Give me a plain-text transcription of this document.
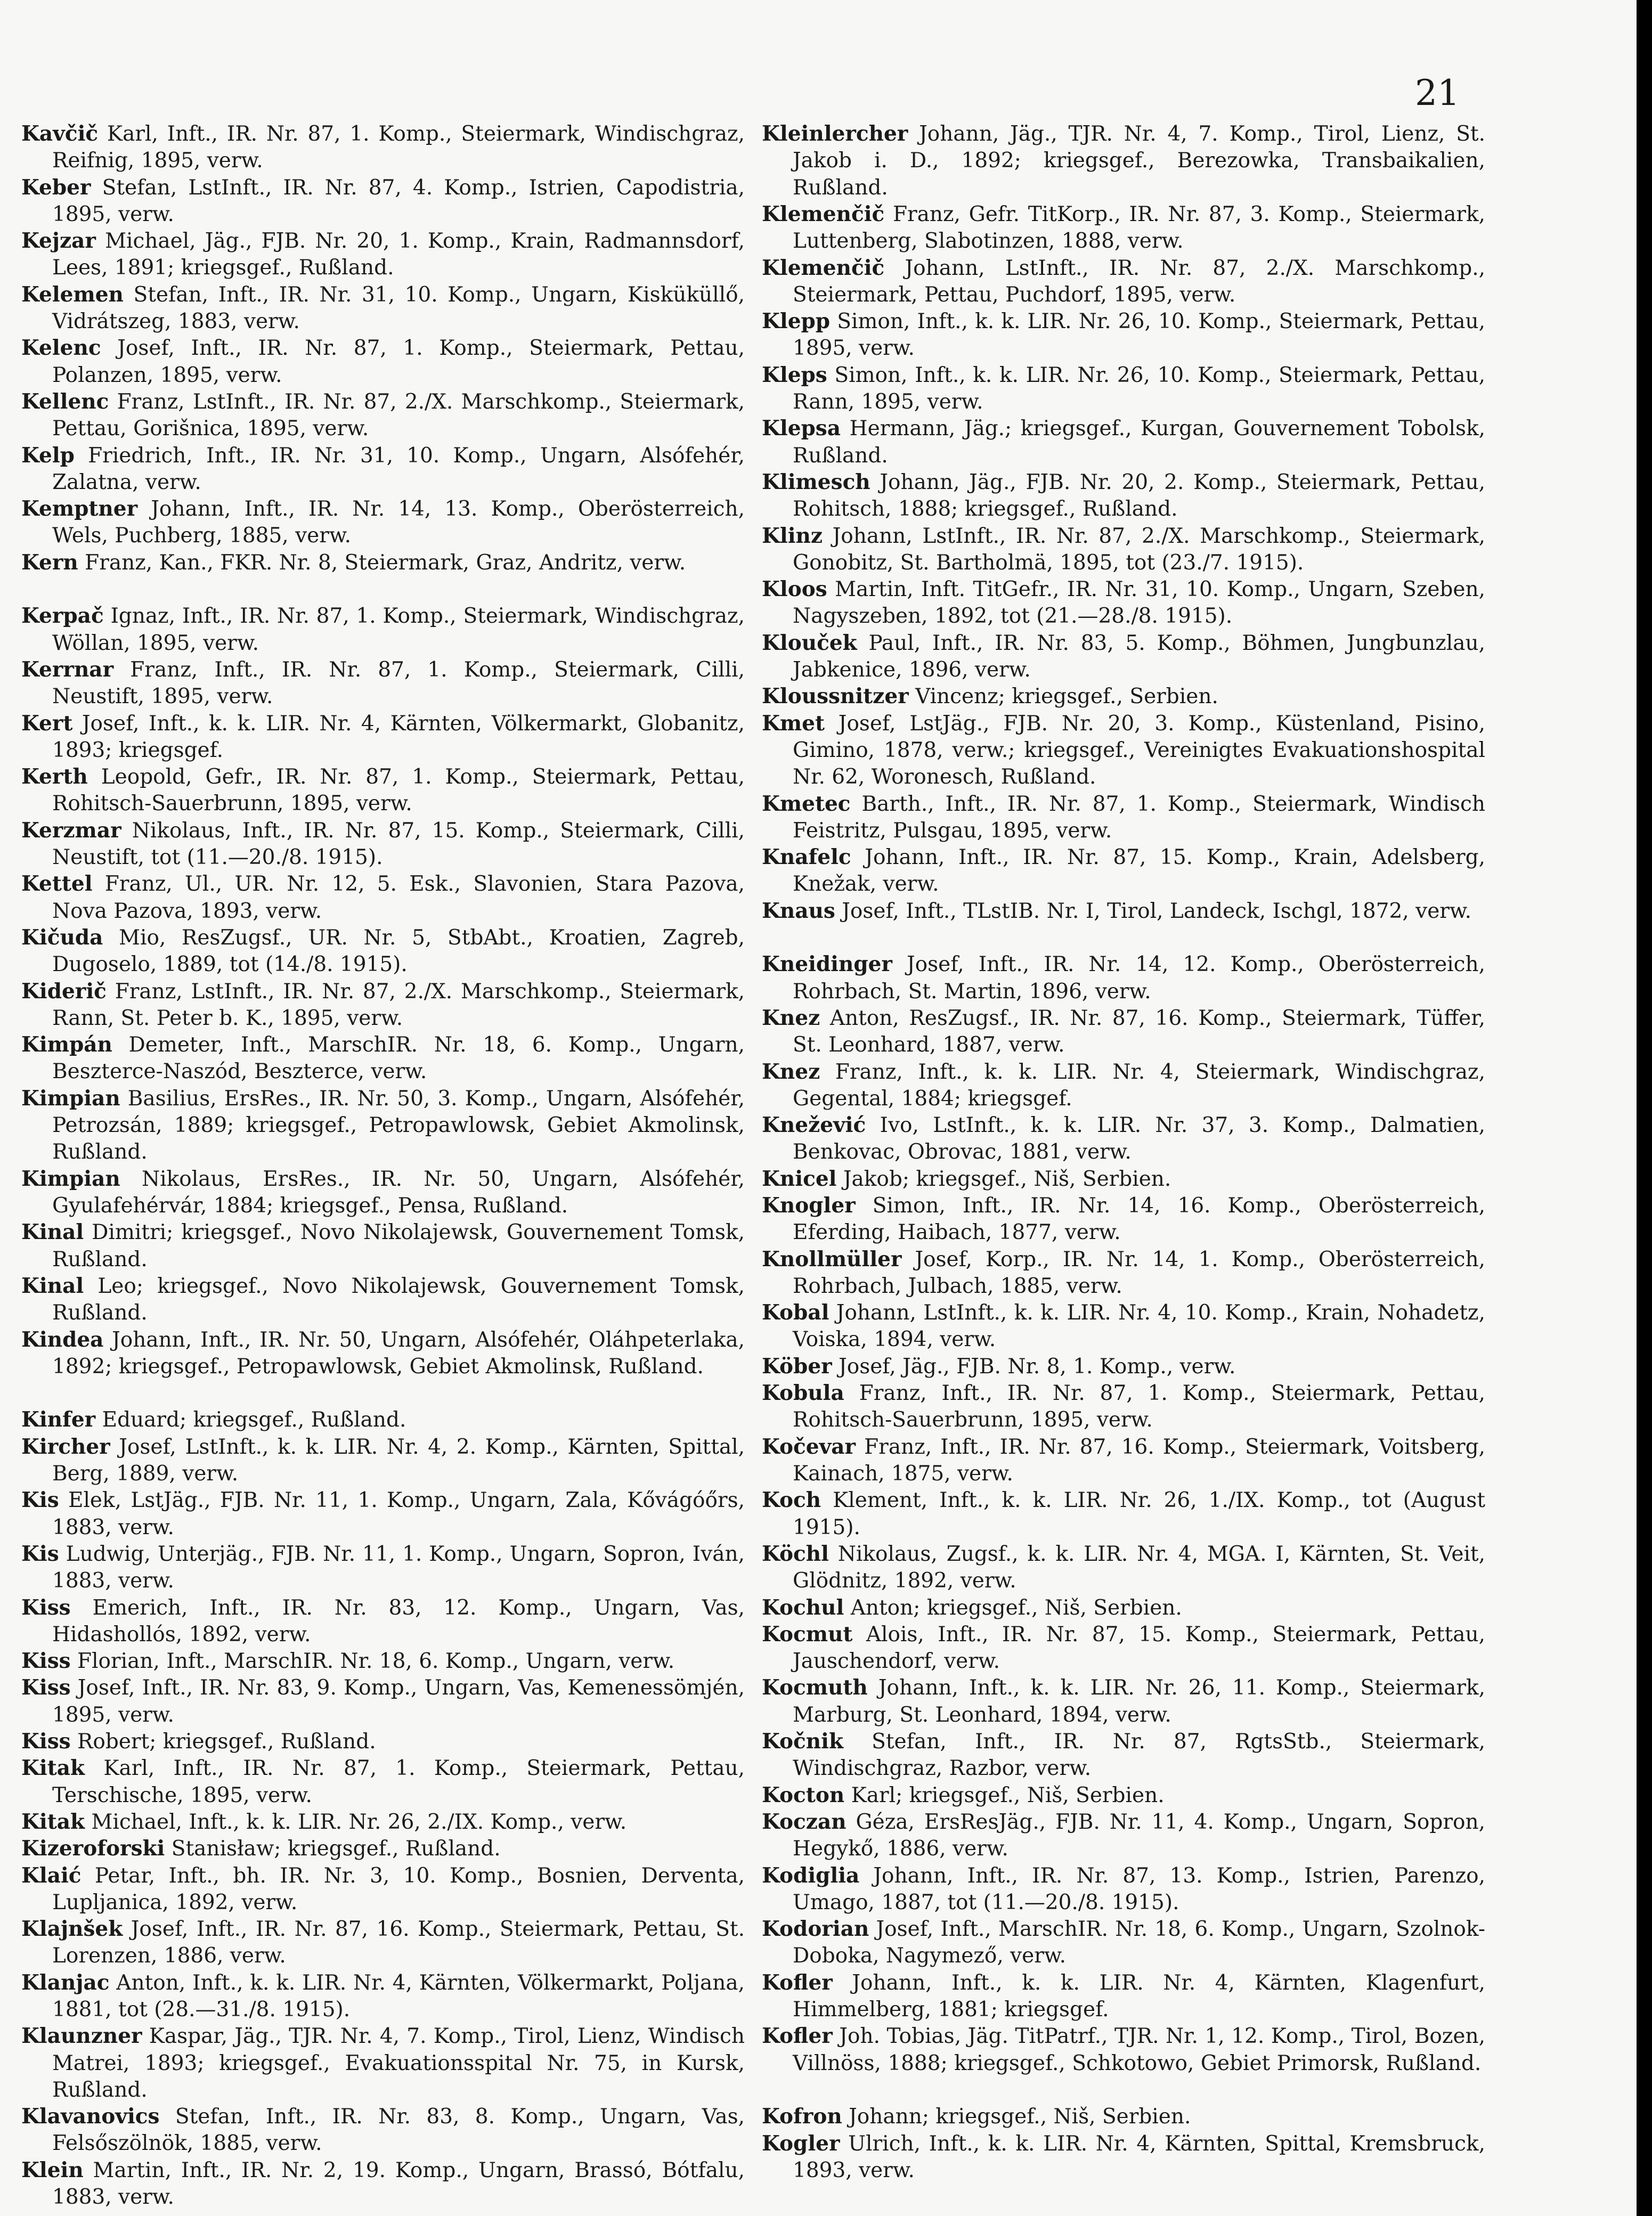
21
Kavčič Karl, Inft., IR. Nr. 87, 1. Komp., Steiermark, Windischgraz, Reifnig, 1895, verw.
Keber Stefan, LstInft., IR. Nr. 87, 4. Komp., Istrien, Capodistria, 1895, verw.
Kejzar Michael, Jäg., FJB. Nr. 20, 1. Komp., Krain, Radmannsdorf, Lees, 1891; kriegsgef., Rußland.
Kelemen Stefan, Inft., IR. Nr. 31, 10. Komp., Ungarn, Kisküküllő, Vidrátszeg, 1883, verw.
Kelenc Josef, Inft., IR. Nr. 87, 1. Komp., Steiermark, Pettau, Polanzen, 1895, verw.
Kellenc Franz, LstInft., IR. Nr. 87, 2./X. Marschkomp., Steiermark, Pettau, Gorišnica, 1895, verw.
Kelp Friedrich, Inft., IR. Nr. 31, 10. Komp., Ungarn, Alsófehér, Zalatna, verw.
Kemptner Johann, Inft., IR. Nr. 14, 13. Komp., Oberösterreich, Wels, Puchberg, 1885, verw.
Kern Franz, Kan., FKR. Nr. 8, Steiermark, Graz, Andritz, verw.
Kerpač Ignaz, Inft., IR. Nr. 87, 1. Komp., Steiermark, Windischgraz, Wöllan, 1895, verw.
Kerrnar Franz, Inft., IR. Nr. 87, 1. Komp., Steiermark, Cilli, Neustift, 1895, verw.
Kert Josef, Inft., k. k. LIR. Nr. 4, Kärnten, Völkermarkt, Globanitz, 1893; kriegsgef.
Kerth Leopold, Gefr., IR. Nr. 87, 1. Komp., Steiermark, Pettau, Rohitsch-Sauerbrunn, 1895, verw.
Kerzmar Nikolaus, Inft., IR. Nr. 87, 15. Komp., Steiermark, Cilli, Neustift, tot (11.—20./8. 1915).
Kettel Franz, Ul., UR. Nr. 12, 5. Esk., Slavonien, Stara Pazova, Nova Pazova, 1893, verw.
Kičuda Mio, ResZugsf., UR. Nr. 5, StbAbt., Kroatien, Zagreb, Dugoselo, 1889, tot (14./8. 1915).
Kiderič Franz, LstInft., IR. Nr. 87, 2./X. Marschkomp., Steiermark, Rann, St. Peter b. K., 1895, verw.
Kimpán Demeter, Inft., MarschIR. Nr. 18, 6. Komp., Ungarn, Beszterce-Naszód, Beszterce, verw.
Kimpian Basilius, ErsRes., IR. Nr. 50, 3. Komp., Ungarn, Alsófehér, Petrozsán, 1889; kriegsgef., Petropawlowsk, Gebiet Akmolinsk, Rußland.
Kimpian Nikolaus, ErsRes., IR. Nr. 50, Ungarn, Alsófehér, Gyulafehérvár, 1884; kriegsgef., Pensa, Rußland.
Kinal Dimitri; kriegsgef., Novo Nikolajewsk, Gouvernement Tomsk, Rußland.
Kinal Leo; kriegsgef., Novo Nikolajewsk, Gouvernement Tomsk, Rußland.
Kindea Johann, Inft., IR. Nr. 50, Ungarn, Alsófehér, Oláhpeterlaka, 1892; kriegsgef., Petropawlowsk, Gebiet Akmolinsk, Rußland.
Kinfer Eduard; kriegsgef., Rußland.
Kircher Josef, LstInft., k. k. LIR. Nr. 4, 2. Komp., Kärnten, Spittal, Berg, 1889, verw.
Kis Elek, LstJäg., FJB. Nr. 11, 1. Komp., Ungarn, Zala, Kővágóőrs, 1883, verw.
Kis Ludwig, Unterjäg., FJB. Nr. 11, 1. Komp., Ungarn, Sopron, Iván, 1883, verw.
Kiss Emerich, Inft., IR. Nr. 83, 12. Komp., Ungarn, Vas, Hidashollós, 1892, verw.
Kiss Florian, Inft., MarschIR. Nr. 18, 6. Komp., Ungarn, verw.
Kiss Josef, Inft., IR. Nr. 83, 9. Komp., Ungarn, Vas, Kemenessömjén, 1895, verw.
Kiss Robert; kriegsgef., Rußland.
Kitak Karl, Inft., IR. Nr. 87, 1. Komp., Steiermark, Pettau, Terschische, 1895, verw.
Kitak Michael, Inft., k. k. LIR. Nr. 26, 2./IX. Komp., verw.
Kizeroforski Stanisław; kriegsgef., Rußland.
Klaić Petar, Inft., bh. IR. Nr. 3, 10. Komp., Bosnien, Derventa, Lupljanica, 1892, verw.
Klajnšek Josef, Inft., IR. Nr. 87, 16. Komp., Steiermark, Pettau, St. Lorenzen, 1886, verw.
Klanjac Anton, Inft., k. k. LIR. Nr. 4, Kärnten, Völkermarkt, Poljana, 1881, tot (28.—31./8. 1915).
Klaunzner Kaspar, Jäg., TJR. Nr. 4, 7. Komp., Tirol, Lienz, Windisch Matrei, 1893; kriegsgef., Evakuationsspital Nr. 75, in Kursk, Rußland.
Klavanovics Stefan, Inft., IR. Nr. 83, 8. Komp., Ungarn, Vas, Felsőszölnök, 1885, verw.
Klein Martin, Inft., IR. Nr. 2, 19. Komp., Ungarn, Brassó, Bótfalu, 1883, verw.
Kleinlercher Johann, Jäg., TJR. Nr. 4, 7. Komp., Tirol, Lienz, St. Jakob i. D., 1892; kriegsgef., Berezowka, Transbaikalien, Rußland.
Klemenčič Franz, Gefr. TitKorp., IR. Nr. 87, 3. Komp., Steiermark, Luttenberg, Slabotinzen, 1888, verw.
Klemenčič Johann, LstInft., IR. Nr. 87, 2./X. Marschkomp., Steiermark, Pettau, Puchdorf, 1895, verw.
Klepp Simon, Inft., k. k. LIR. Nr. 26, 10. Komp., Steiermark, Pettau, 1895, verw.
Kleps Simon, Inft., k. k. LIR. Nr. 26, 10. Komp., Steiermark, Pettau, Rann, 1895, verw.
Klepsa Hermann, Jäg.; kriegsgef., Kurgan, Gouvernement Tobolsk, Rußland.
Klimesch Johann, Jäg., FJB. Nr. 20, 2. Komp., Steiermark, Pettau, Rohitsch, 1888; kriegsgef., Rußland.
Klinz Johann, LstInft., IR. Nr. 87, 2./X. Marschkomp., Steiermark, Gonobitz, St. Bartholmä, 1895, tot (23./7. 1915).
Kloos Martin, Inft. TitGefr., IR. Nr. 31, 10. Komp., Ungarn, Szeben, Nagyszeben, 1892, tot (21.—28./8. 1915).
Klouček Paul, Inft., IR. Nr. 83, 5. Komp., Böhmen, Jungbunzlau, Jabkenice, 1896, verw.
Kloussnitzer Vincenz; kriegsgef., Serbien.
Kmet Josef, LstJäg., FJB. Nr. 20, 3. Komp., Küstenland, Pisino, Gimino, 1878, verw.; kriegsgef., Vereinigtes Evakuationshospital Nr. 62, Woronesch, Rußland.
Kmetec Barth., Inft., IR. Nr. 87, 1. Komp., Steiermark, Windisch Feistritz, Pulsgau, 1895, verw.
Knafelc Johann, Inft., IR. Nr. 87, 15. Komp., Krain, Adelsberg, Knežak, verw.
Knaus Josef, Inft., TLstIB. Nr. I, Tirol, Landeck, Ischgl, 1872, verw.
Kneidinger Josef, Inft., IR. Nr. 14, 12. Komp., Oberösterreich, Rohrbach, St. Martin, 1896, verw.
Knez Anton, ResZugsf., IR. Nr. 87, 16. Komp., Steiermark, Tüffer, St. Leonhard, 1887, verw.
Knez Franz, Inft., k. k. LIR. Nr. 4, Steiermark, Windischgraz, Gegental, 1884; kriegsgef.
Knežević Ivo, LstInft., k. k. LIR. Nr. 37, 3. Komp., Dalmatien, Benkovac, Obrovac, 1881, verw.
Knicel Jakob; kriegsgef., Niš, Serbien.
Knogler Simon, Inft., IR. Nr. 14, 16. Komp., Oberösterreich, Eferding, Haibach, 1877, verw.
Knollmüller Josef, Korp., IR. Nr. 14, 1. Komp., Oberösterreich, Rohrbach, Julbach, 1885, verw.
Kobal Johann, LstInft., k. k. LIR. Nr. 4, 10. Komp., Krain, Nohadetz, Voiska, 1894, verw.
Köber Josef, Jäg., FJB. Nr. 8, 1. Komp., verw.
Kobula Franz, Inft., IR. Nr. 87, 1. Komp., Steiermark, Pettau, Rohitsch-Sauerbrunn, 1895, verw.
Kočevar Franz, Inft., IR. Nr. 87, 16. Komp., Steiermark, Voitsberg, Kainach, 1875, verw.
Koch Klement, Inft., k. k. LIR. Nr. 26, 1./IX. Komp., tot (August 1915).
Köchl Nikolaus, Zugsf., k. k. LIR. Nr. 4, MGA. I, Kärnten, St. Veit, Glödnitz, 1892, verw.
Kochul Anton; kriegsgef., Niš, Serbien.
Kocmut Alois, Inft., IR. Nr. 87, 15. Komp., Steiermark, Pettau, Jauschendorf, verw.
Kocmuth Johann, Inft., k. k. LIR. Nr. 26, 11. Komp., Steiermark, Marburg, St. Leonhard, 1894, verw.
Kočnik Stefan, Inft., IR. Nr. 87, RgtsStb., Steiermark, Windischgraz, Razbor, verw.
Kocton Karl; kriegsgef., Niš, Serbien.
Koczan Géza, ErsResJäg., FJB. Nr. 11, 4. Komp., Ungarn, Sopron, Hegykő, 1886, verw.
Kodiglia Johann, Inft., IR. Nr. 87, 13. Komp., Istrien, Parenzo, Umago, 1887, tot (11.—20./8. 1915).
Kodorian Josef, Inft., MarschIR. Nr. 18, 6. Komp., Ungarn, Szolnok-Doboka, Nagymező, verw.
Kofler Johann, Inft., k. k. LIR. Nr. 4, Kärnten, Klagenfurt, Himmelberg, 1881; kriegsgef.
Kofler Joh. Tobias, Jäg. TitPatrf., TJR. Nr. 1, 12. Komp., Tirol, Bozen, Villnöss, 1888; kriegsgef., Schkotowo, Gebiet Primorsk, Rußland.
Kofron Johann; kriegsgef., Niš, Serbien.
Kogler Ulrich, Inft., k. k. LIR. Nr. 4, Kärnten, Spittal, Kremsbruck, 1893, verw.
